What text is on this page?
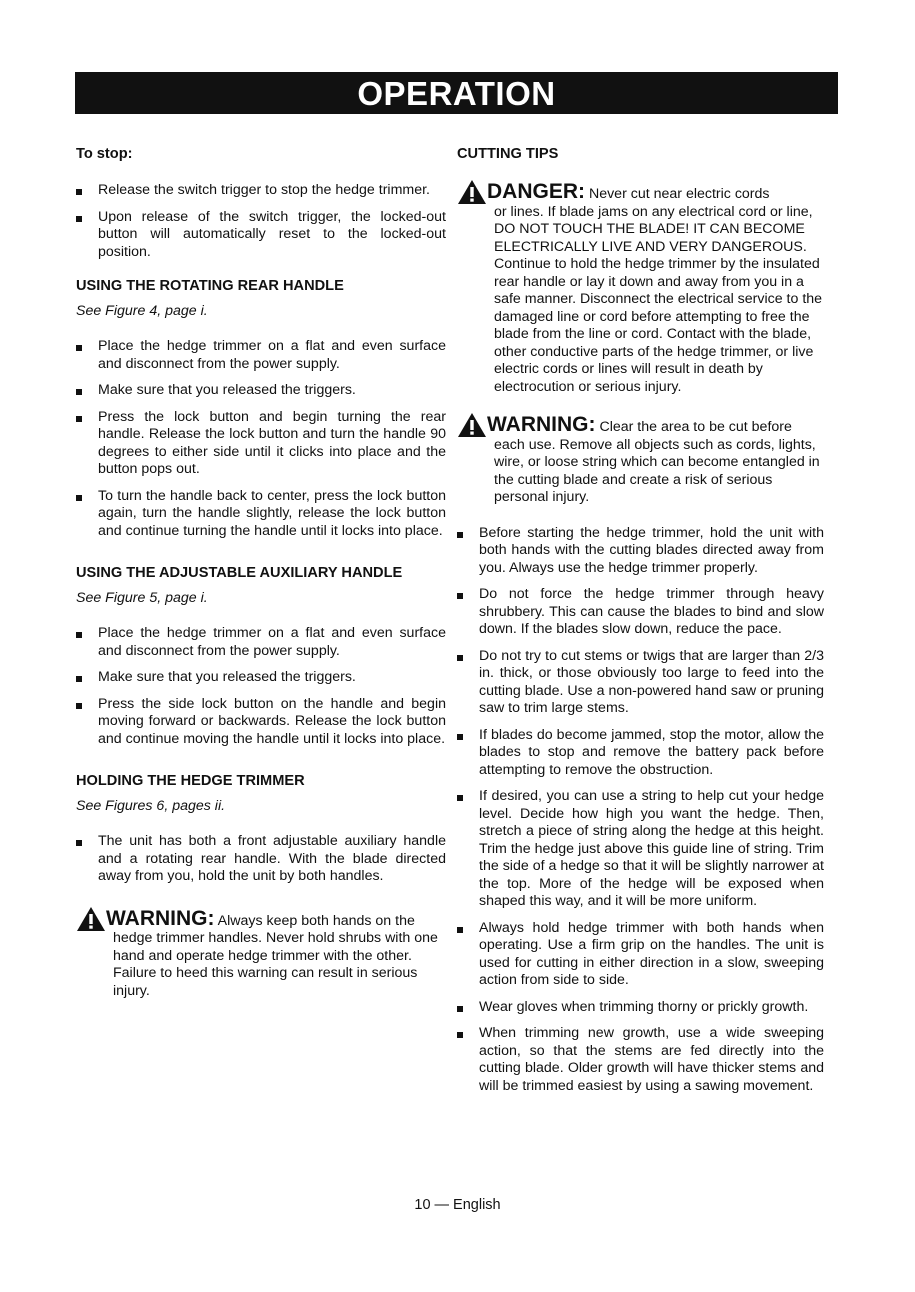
OPERATION

To stop:

Release the switch trigger to stop the hedge trimmer.
Upon release of the switch trigger, the locked-out button will automatically reset to the locked-out position.

USING THE ROTATING REAR HANDLE

See Figure 4, page i.

Place the hedge trimmer on a flat and even surface and disconnect from the power supply.
Make sure that you released the triggers.
Press the lock button and begin turning the rear handle. Release the lock button and turn the handle 90 degrees to either side until it clicks into place and the button pops out.
To turn the handle back to center, press the lock button again, turn the handle slightly, release the lock button and continue turning the handle until it locks into place.

USING THE ADJUSTABLE AUXILIARY HANDLE

See Figure 5, page i.

Place the hedge trimmer on a flat and even surface and disconnect from the power supply.
Make sure that you released the triggers.
Press the side lock button on the handle and begin moving forward or backwards. Release the lock button and continue moving the handle until it locks into place.

HOLDING THE HEDGE TRIMMER

See Figures 6, pages ii.

The unit has both a front adjustable auxiliary handle and a rotating rear handle. With the blade directed away from you, hold the unit by both handles.
WARNING: Always keep both hands on the
hedge trimmer handles. Never hold shrubs with one hand and operate hedge trimmer with the other. Failure to heed this warning can result in serious injury.

CUTTING TIPS

DANGER: Never cut near electric cords
or lines. If blade jams on any electrical cord or line, DO NOT TOUCH THE BLADE! IT CAN BECOME ELECTRICALLY LIVE AND VERY DANGEROUS. Continue to hold the hedge trimmer by the insulated rear handle or lay it down and away from you in a safe manner. Disconnect the electrical service to the damaged line or cord before attempting to free the blade from the line or cord. Contact with the blade, other conductive parts of the hedge trimmer, or live electric cords or lines will result in death by electrocution or serious injury.
WARNING: Clear the area to be cut before
each use. Remove all objects such as cords, lights, wire, or loose string which can become entangled in the cutting blade and create a risk of serious personal injury.
Before starting the hedge trimmer, hold the unit with both hands with the cutting blades directed away from you. Always use the hedge trimmer properly.
Do not force the hedge trimmer through heavy shrubbery. This can cause the blades to bind and slow down. If the blades slow down, reduce the pace.
Do not try to cut stems or twigs that are larger than 2/3 in. thick, or those obviously too large to feed into the cutting blade. Use a non-powered hand saw or pruning saw to trim large stems.
If blades do become jammed, stop the motor, allow the blades to stop and remove the battery pack before attempting to remove the obstruction.
If desired, you can use a string to help cut your hedge level. Decide how high you want the hedge. Then, stretch a piece of string along the hedge at this height. Trim the hedge just above this guide line of string. Trim the side of a hedge so that it will be slightly narrower at the top. More of the hedge will be exposed when shaped this way, and it will be more uniform.
Always hold hedge trimmer with both hands when operating. Use a firm grip on the handles. The unit is used for cutting in either direction in a slow, sweeping action from side to side.
Wear gloves when trimming thorny or prickly growth.
When trimming new growth, use a wide sweeping action, so that the stems are fed directly into the cutting blade. Older growth will have thicker stems and will be trimmed easiest by using a sawing movement.
10 — English
